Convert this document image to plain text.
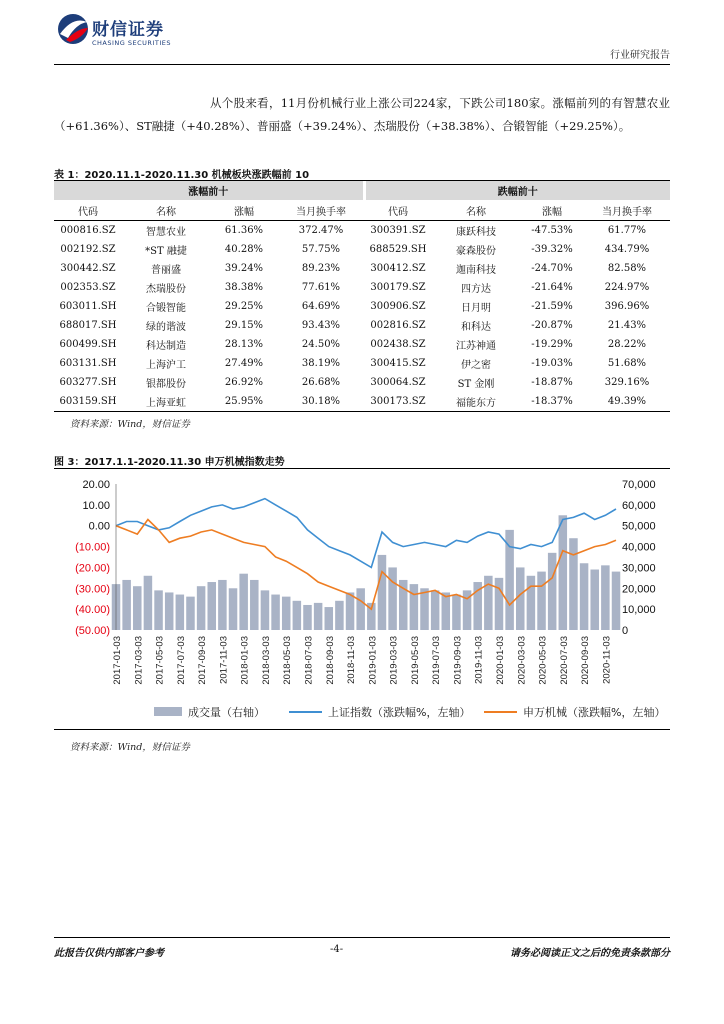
财信证券
CHASING SECURITIES
行业研究报告
从个股来看，11月份机械行业上涨公司224家，下跌公司180家。涨幅前列的有智慧农业（+61.36%）、ST融捷（+40.28%）、普丽盛（+39.24%）、杰瑞股份（+38.38%）、合锻智能（+29.25%）。
表 1：2020.11.1-2020.11.30 机械板块涨跌幅前 10
涨幅前十				跌幅前十			
代码	名称	涨幅	当月换手率	代码	名称	涨幅	当月换手率
000816.SZ	智慧农业	61.36%	372.47%	300391.SZ	康跃科技	-47.53%	61.77%
002192.SZ	*ST 融捷	40.28%	57.75%	688529.SH	豪森股份	-39.32%	434.79%
300442.SZ	普丽盛	39.24%	89.23%	300412.SZ	迦南科技	-24.70%	82.58%
002353.SZ	杰瑞股份	38.38%	77.61%	300179.SZ	四方达	-21.64%	224.97%
603011.SH	合锻智能	29.25%	64.69%	300906.SZ	日月明	-21.59%	396.96%
688017.SH	绿的谐波	29.15%	93.43%	002816.SZ	和科达	-20.87%	21.43%
600499.SH	科达制造	28.13%	24.50%	002438.SZ	江苏神通	-19.29%	28.22%
603131.SH	上海沪工	27.49%	38.19%	300415.SZ	伊之密	-19.03%	51.68%
603277.SH	银都股份	26.92%	26.68%	300064.SZ	ST 金刚	-18.87%	329.16%
603159.SH	上海亚虹	25.95%	30.18%	300173.SZ	福能东方	-18.37%	49.39%
资料来源：Wind，财信证券
图 3：2017.1.1-2020.11.30 申万机械指数走势
20.00
10.00
0.00
(10.00)
(20.00)
(30.00)
(40.00)
(50.00)
70,000
60,000
50,000
40,000
30,000
20,000
10,000
0
2017-01-03 2017-03-03 2017-05-03 2017-07-03 2017-09-03 2017-11-03 2018-01-03 2018-03-03 2018-05-03 2018-07-03 2018-09-03 2018-11-03 2019-01-03 2019-03-03 2019-05-03 2019-07-03 2019-09-03 2019-11-03 2020-01-03 2020-03-03 2020-05-03 2020-07-03 2020-09-03 2020-11-03
成交量（右轴）	上证指数（涨跌幅%，左轴）	申万机械（涨跌幅%，左轴）
资料来源：Wind，财信证券
此报告仅供内部客户参考	-4-	请务必阅读正文之后的免责条款部分
